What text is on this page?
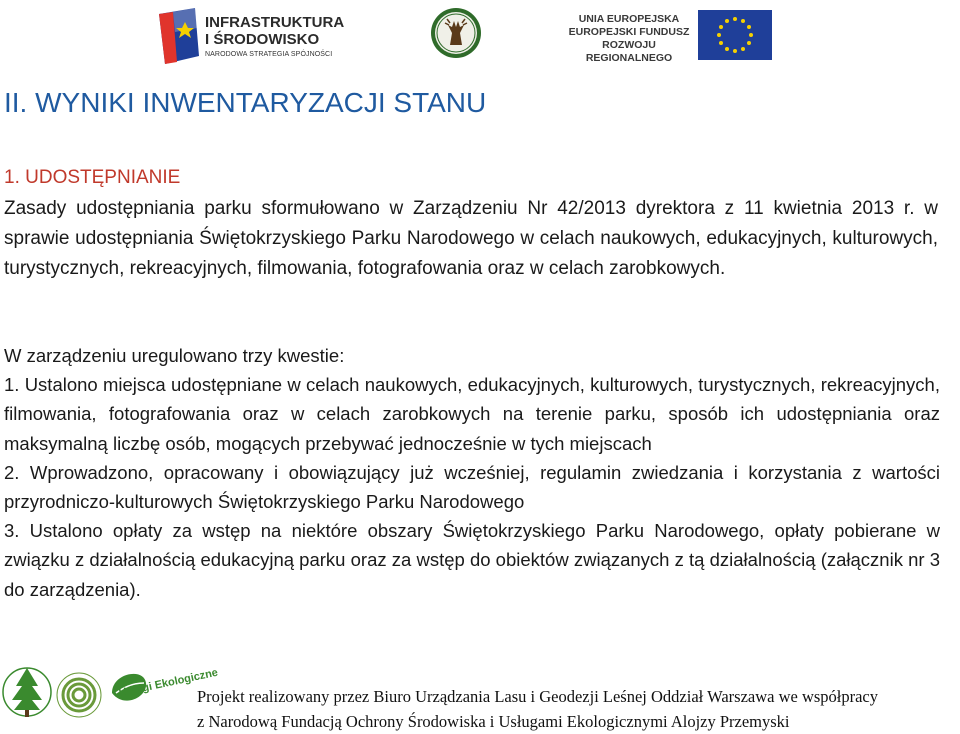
INFRASTRUKTURA
I ŚRODOWISKO
NARODOWA STRATEGIA SPÓJNOŚCI
UNIA EUROPEJSKA
EUROPEJSKI FUNDUSZ
ROZWOJU REGIONALNEGO
II. WYNIKI INWENTARYZACJI STANU
1. UDOSTĘPNIANIE
Zasady udostępniania parku sformułowano w Zarządzeniu Nr 42/2013 dyrektora z 11 kwietnia 2013 r. w sprawie udostępniania Świętokrzyskiego Parku Narodowego w celach naukowych, edukacyjnych, kulturowych, turystycznych, rekreacyjnych, filmowania, fotografowania oraz w celach zarobkowych.

W zarządzeniu uregulowano trzy kwestie:

1. Ustalono miejsca udostępniane w celach naukowych, edukacyjnych, kulturowych, turystycznych, rekreacyjnych, filmowania, fotografowania oraz w celach zarobkowych na terenie parku, sposób ich udostępniania oraz maksymalną liczbę osób, mogących przebywać jednocześnie w tych miejscach

2. Wprowadzono, opracowany i obowiązujący już wcześniej, regulamin zwiedzania i korzystania z wartości przyrodniczo-kulturowych Świętokrzyskiego Parku Narodowego

3. Ustalono opłaty za wstęp na niektóre obszary Świętokrzyskiego Parku Narodowego, opłaty pobierane w związku z działalnością edukacyjną parku oraz za wstęp do obiektów związanych z tą działalnością (załącznik nr 3 do zarządzenia).

Usługi Ekologiczne
Projekt realizowany przez Biuro Urządzania Lasu i Geodezji Leśnej Oddział Warszawa we współpracy
z Narodową Fundacją Ochrony Środowiska i Usługami Ekologicznymi Alojzy Przemyski
